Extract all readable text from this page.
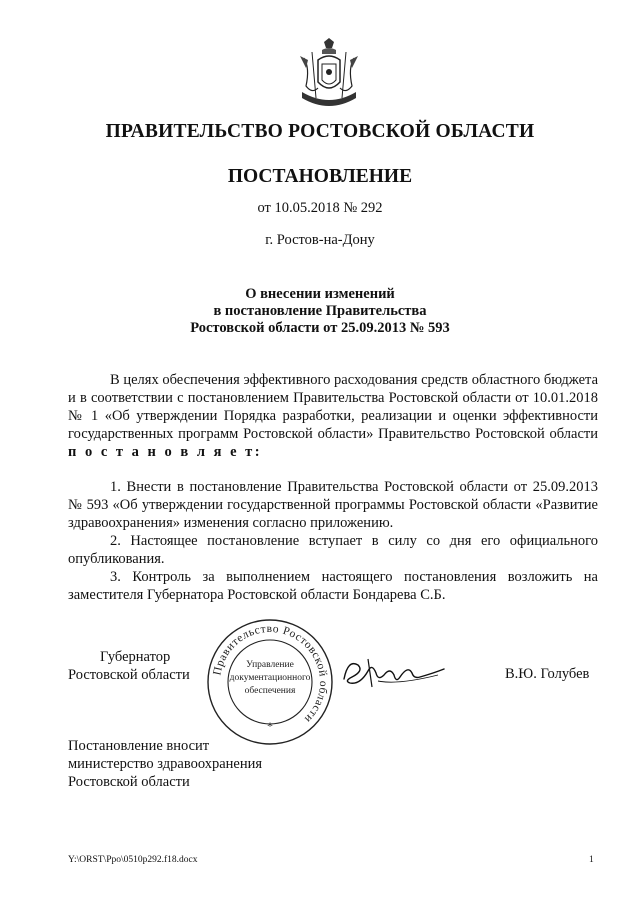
ПРАВИТЕЛЬСТВО РОСТОВСКОЙ ОБЛАСТИ
ПОСТАНОВЛЕНИЕ
от 10.05.2018 № 292
г. Ростов-на-Дону
О внесении изменений
в постановление Правительства
Ростовской области от 25.09.2013 № 593

В целях обеспечения эффективного расходования средств областного бюджета и в соответствии с постановлением Правительства Ростовской области от 10.01.2018 № 1 «Об утверждении Порядка разработки, реализации и оценки эффективности государственных программ Ростовской области» Правительство Ростовской области п о с т а н о в л я е т:

1. Внести в постановление Правительства Ростовской области от 25.09.2013 № 593 «Об утверждении государственной программы Ростовской области «Развитие здравоохранения» изменения согласно приложению.

2. Настоящее постановление вступает в силу со дня его официального опубликования.

3. Контроль за выполнением настоящего постановления возложить на заместителя Губернатора Ростовской области Бондарева С.Б.

Губернатор
Ростовской области Правительство Ростовской области
Управление
документационного
обеспечения
*
В.Ю. Голубев
Постановление вносит
министерство здравоохранения
Ростовской области
Y:\ORST\Ppo\0510p292.f18.docx	1
